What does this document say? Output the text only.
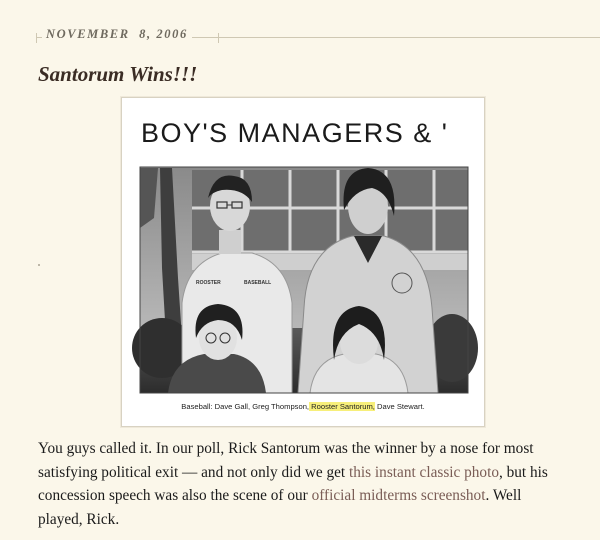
NOVEMBER  8, 2006
Santorum Wins!!!
ROOSTER	BASEBALL
BOY'S MANAGERS & '
Baseball: Dave Gall, Greg Thompson, Rooster Santorum, Dave Stewart.

You guys called it. In our poll, Rick Santorum was the winner by a nose for most satisfying political exit — and not only did we get this instant classic photo, but his concession speech was also the scene of our official midterms screenshot. Well played, Rick.
